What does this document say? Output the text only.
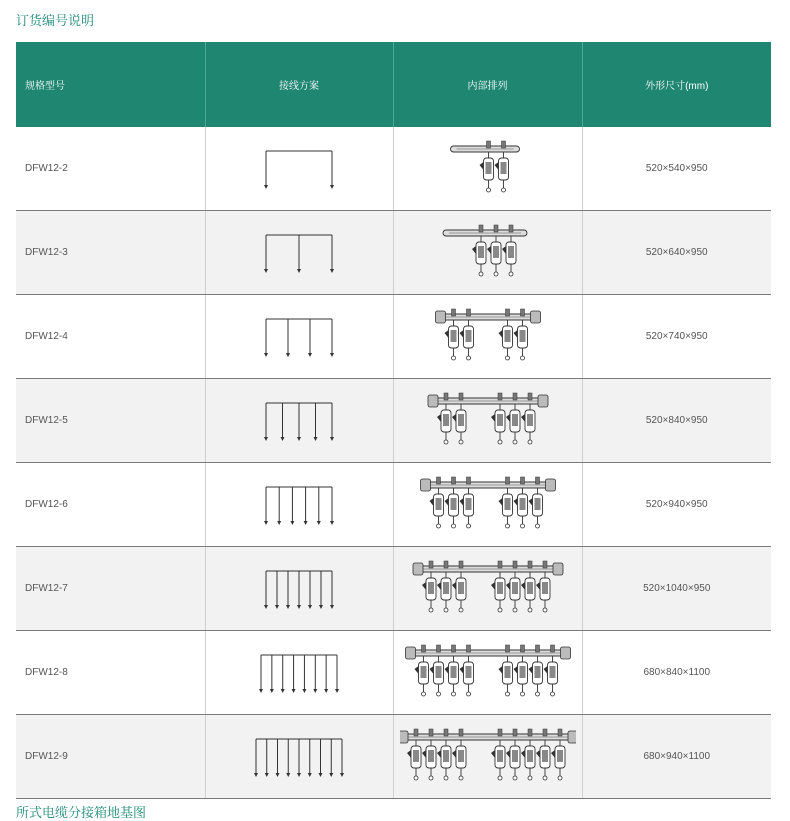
订货编号说明
规格型号	接线方案	内部排列	外形尺寸(mm)
DFW12-2			520×540×950
DFW12-3			520×640×950
DFW12-4			520×740×950
DFW12-5			520×840×950
DFW12-6			520×940×950
DFW12-7			520×1040×950
DFW12-8			680×840×1100
DFW12-9			680×940×1100
所式电缆分接箱地基图
